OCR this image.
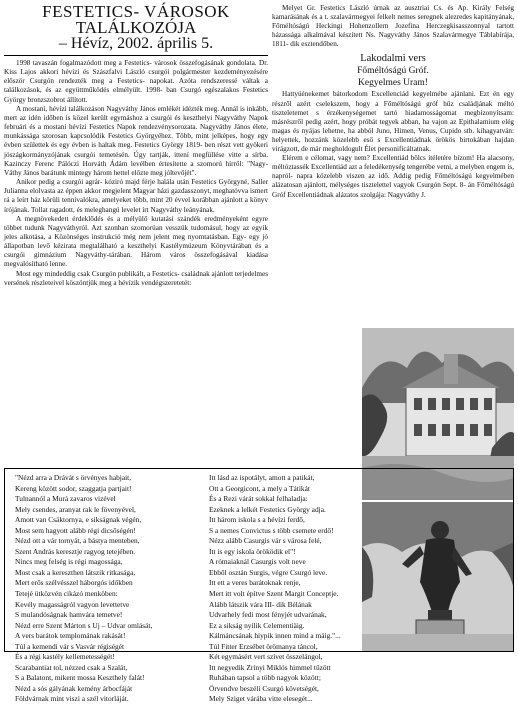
FESTETICS- VÁROSOK
TALÁLKOZÓJA
– Hévíz, 2002. április 5.

1998 tavaszán fogalmazódott meg a Festetics- városok összefogásának gondolata. Dr. Kiss Lajos akkori hévízi és Szászfalvi László csurgói polgármester kezdeményezésére először Csurgón rendezték meg a Festetics- napokat. Azóta rendszeressé váltak a találkozások, és az együttműködés elmélyült. 1998- ban Csurgó egészalakos Festetics György bronzszobrot állított.

A mostani, hévízi találkozáson Nagyváthy János emlékét idézték meg. Annál is inkább, mert az idén időben is közel került egymáshoz a csurgói és keszthelyi Nagyváthy Napok februári és a mostani hévízi Festetics Napok rendezvénysorozata. Nagyváthy János élete, munkássága szorosan kapcsolódik Festetics Györgyéhez. Több, mint jelképes, hogy egy évben születtek és egy évben is haltak meg. Festetics György 1819- ben részt vett gyökeri jószágkormányzójának csurgói temetésén. Úgy tartják, ittení megfüllése vitte a sírba. Kazinczy Ferenc Pálóczi Horváth Ádám levélben értesítette a szomorú hírről: "Nagy- Váthy János barátunk mintegy három hettel előzte meg jóltevőjét".

Anikor pedig a csurgói agrár- kóziró majd férje halála után Festetics Györgyné, Saller Julianna elolvasta az éppen akkor megjelent Magyar házi gazdasszonyt, meghatóvva ismert rá a leírt ház körüli tennivalókra, amelyeket több, mint 20 évvel korábban ajánlott a könyv írójának. Tollat ragadott, és meleghangú levelet írt Nagyváthy leányának.

A megnövekedett érdeklődés és a mélyülő kutatási szándék eredményeként egyre többet tudunk Nagyváthyról. Azt szonban szomorúan vesszük tudomásul, hogy az egyik jeles alkotása, a Közönséges instrukció még nem jelent meg nyomtatásban. Egy- egy jó állapotban levő kézirata megtalálható a keszthelyi Kastélymúzeum Könyvtárában és a csurgói gimnázium Nagyváthy-tárában. Három város összefogásával kiadása megvalósítható lenne.

Most egy mindeddig csak Csurgón publikált, a Festetics- családnak ajánlott terjedelmes versének részleteivel köszöntjük meg a hévízik vendégszeretetét:

Melyet Gr. Festetics László úrnak az ausztriai Cs. és Ap. Király Felség kamarásának és a t. szalavármegyei felkelt nemes seregnek alezredes kapitányának, Főméltóságú Heckingi Hohenzollern Jozefina Herczegkisasszonnyal tartott házassága alkalmával készített Ns. Nagyváthy János Szalavármegye Táblabírája, 1811- dik esztendőben.

Lakodalmi vers
Főméltóságú Gróf.
Kegyelmes Uram!

Hattyúénekemet bátorkodom Excellenciád kegyelmébe ajánlani. Ezt én egy részről azért cselekszem, hogy a Főméltóságú gróf hűz családjának méltó tiszteletemet s érzékenységemet tartó hiadamosságomat megbizonyítsam: másrészről pedig azért, hogy próbát tegyek abban, ha vajon az Epithalamium elég magas és nyájas lehetne, ha abból Juno, Himen, Venus, Cupido stb. kihagyatván: helyettek, hozzánk közelebb eső s Excellentiádnak örökös birtokában hajdan virágzott, de már megholdogult Élet personificáltatnak.

Elérem e célomat, vagy nem? Excellentiád bölcs ítéletére bízom! Ha alacsony, méltóztassék Excellentiád azt a feledékenység tengerébe vetni, a melyben engem is, napról- napra közelebb viszen az idő. Addig pedig Főméltóságú kegyelmében alázatosan ajánlott, mélységes tisztelettel vagyok Csurgón Sept. 8- án Főméltóságú Gróf Excellentiádnak alázatos szolgája: Nagyváthy J.

"Nézd arra a Drávát s örvényes habjait,
Kereng között sodor, szaggatja partjait!
Tulnannól a Murá zavaros vizével
Mely csendes, aranyat rak le fövenyével,
Amott van Csáktornya, e sikságnak végén,
Most sem hagyott alább régi dicsőségén!
Nézd ott a vár tornyát, a bástya menteben,
Szent András keresztje ragyog tetejében.
Nincs meg felség is régi magossága,
Most csak a kereszthen látszik ritkasága,
Mert erős szélvésszel háborgós időkben
Tetejé ütközvén cikázó menköben:
Kevély magasságról vagyon levettetve
S mulandóságnak hamvára temetve!
Nézd erre Szent Márton s Uj – Udvar omlását,
A vers barátok templomának rakását!
Túl a kemendi vár s Vasvár régiségét
És a régi kastély kellemetességét!
Scarabantiat tol, nézzed csak a Szalát,
S a Balatont, mikent mossa Keszthely falát!
Nézd a sós gályának kemény árbocfáját
Földvárnak mint viszi a szél vitorláját.
Itt lásd az ispotályt, amott a patikát,
Ott a Georgicont, a mely a Tátikát
És a Rezi várát sokkal felhaladja:
Ezeknek a lelkét Festetics György adja.
Itt három iskola s a hévízi ferdő,
S a nemes Convictus s több csemete erdő!
Nézz alább Casurgis vár s városa felé,
Itt is egy iskola öröködik el"!
A rómaiaknál Casurgis volt neve
Ebből osztán Surgis, végre Csurgó leve.
Itt ett a veres barátoknak renje,
Mert itt volt építve Szent Margit Conceptje.
Alább látszik vára III- dik Bélának
Udvarhely fedi most fényjét udvarának,
Ez a sikság nyilik Celementiäig.
Kálmáncsának hiypik innen mind a máig."...
Túl Fitter Erzsébet örömanya táncol,
Két egymásért vert szívet összelángol,
Itt negyedik Zrínyi Miklós himmel tűzött
Ruhában tapsol a több nagyok között;
Örvendve beszéli Csurgó követségét,
Mely Sziget várába vitte elesegét...
